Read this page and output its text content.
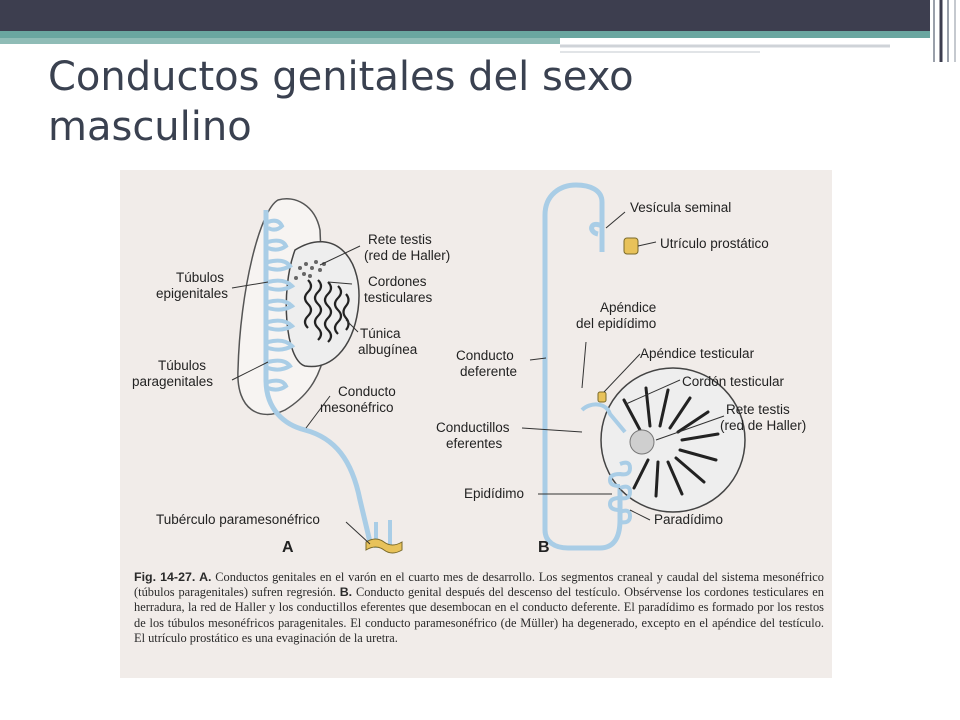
Conductos genitales del sexo masculino
Rete testis
(red de Haller)
Túbulos
epigenitales
Cordones
testiculares
Túnica
albugínea
Túbulos
paragenitales
Conducto
mesonéfrico
Tubérculo paramesonéfrico
A
Vesícula seminal
Utrículo prostático
Apéndice
del epidídimo
Conducto
deferente
Apéndice testicular
Cordón testicular
Rete testis
(red de Haller)
Conductillos
eferentes
Epidídimo
Paradídimo
B

Fig. 14-27. A. Conductos genitales en el varón en el cuarto mes de desarrollo. Los segmentos craneal y caudal del sistema mesonéfrico (túbulos paragenitales) sufren regresión. B. Conducto genital después del descenso del testículo. Obsérvense los cordones testiculares en herradura, la red de Haller y los conductillos eferentes que desembocan en el conducto deferente. El paradídimo es formado por los restos de los túbulos mesonéfricos paragenitales. El conducto paramesonéfrico (de Müller) ha degenerado, excepto en el apéndice del testículo. El utrículo prostático es una evaginación de la uretra.
